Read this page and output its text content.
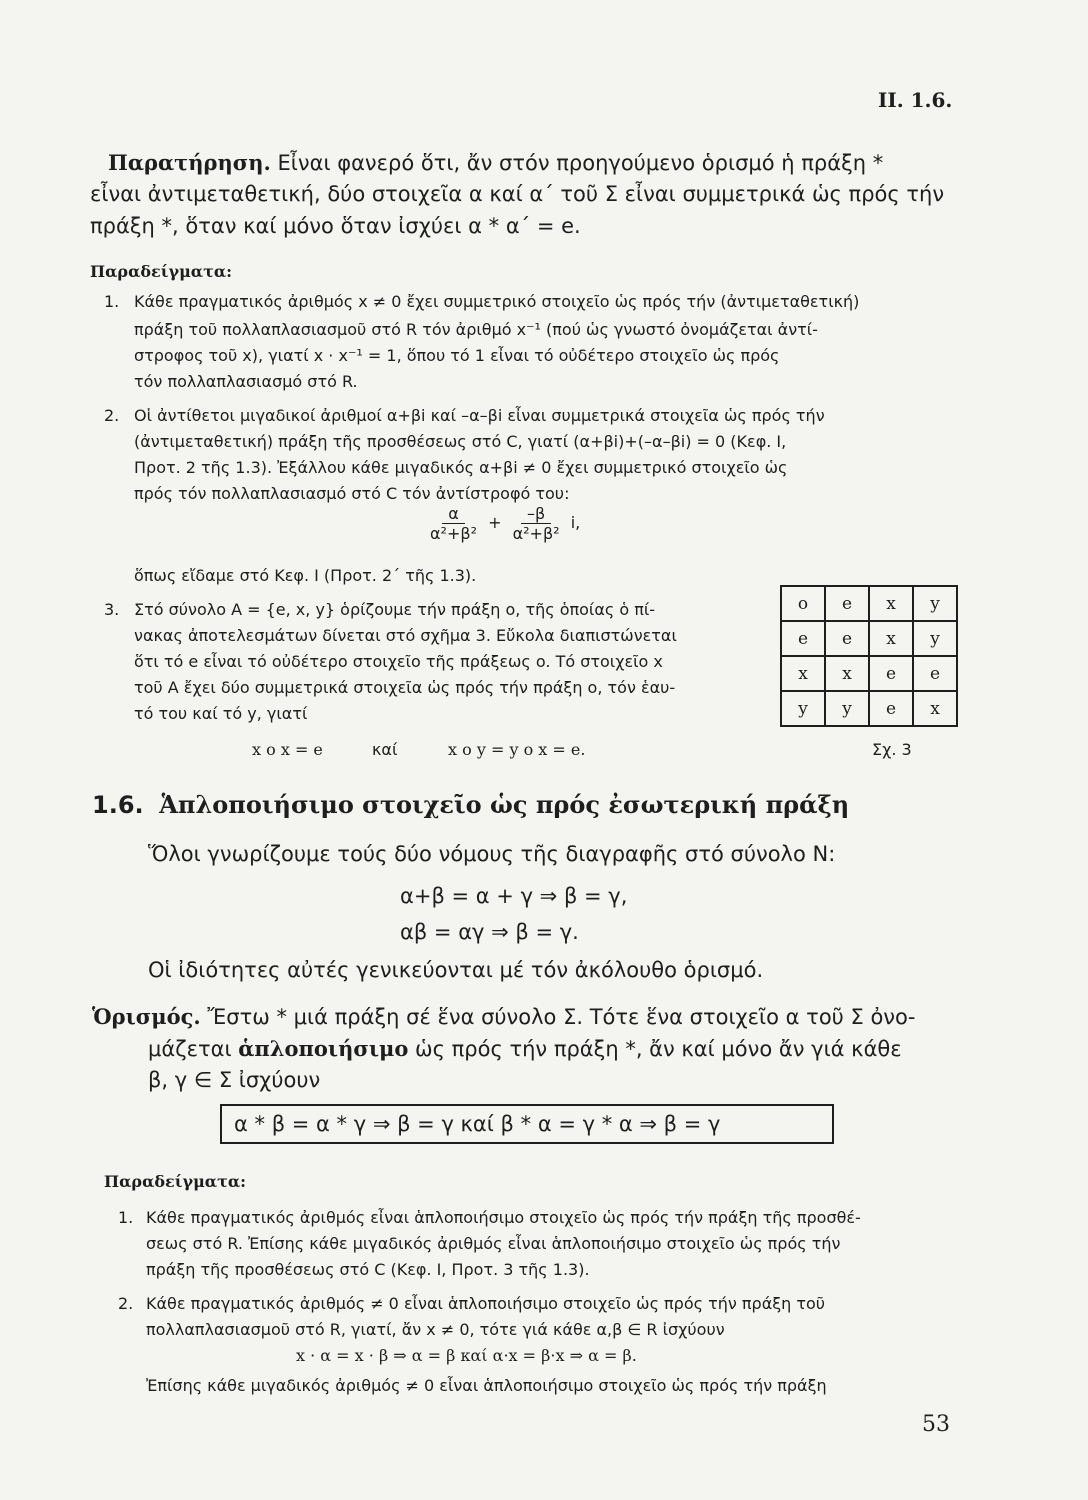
II. 1.6.
Παρατήρηση. Εἶναι φανερό ὅτι, ἄν στόν προηγούμενο ὁρισμό ἡ πράξη *
εἶναι ἀντιμεταθετική, δύο στοιχεῖα α καί α΄ τοῦ Σ εἶναι συμμετρικά ὡς πρός τήν
πράξη *, ὅταν καί μόνο ὅταν ἰσχύει α * α΄ = e.
Παραδείγματα:
1. Κάθε πραγματικός ἀριθμός x ≠ 0 ἔχει συμμετρικό στοιχεῖο ὡς πρός τήν (ἀντιμεταθετική)
πράξη τοῦ πολλαπλασιασμοῦ στό R τόν ἀριθμό x⁻¹ (πού ὡς γνωστό ὀνομάζεται ἀντί-
στροφος τοῦ x), γιατί x · x⁻¹ = 1, ὅπου τό 1 εἶναι τό οὐδέτερο στοιχεῖο ὡς πρός
τόν πολλαπλασιασμό στό R.
2. Οἱ ἀντίθετοι μιγαδικοί ἀριθμοί α+βi καί –α–βi εἶναι συμμετρικά στοιχεῖα ὡς πρός τήν
(ἀντιμεταθετική) πράξη τῆς προσθέσεως στό C, γιατί (α+βi)+(–α–βi) = 0 (Κεφ. I,
Προτ. 2 τῆς 1.3). Ἐξάλλου κάθε μιγαδικός α+βi ≠ 0 ἔχει συμμετρικό στοιχεῖο ὡς
πρός τόν πολλαπλασιασμό στό C τόν ἀντίστροφό του:
$\frac{\alpha}{\text{α²+β²}} + \frac{-\beta}{\text{α²+β²}} i$,
ὅπως εἴδαμε στό Κεφ. I (Προτ. 2΄ τῆς 1.3).
3. Στό σύνολο A = {e, x, y} ὁρίζουμε τήν πράξη o, τῆς ὁποίας ὁ πί-
νακας ἀποτελεσμάτων δίνεται στό σχῆμα 3. Εὔκολα διαπιστώνεται
ὅτι τό e εἶναι τό οὐδέτερο στοιχεῖο τῆς πράξεως o. Τό στοιχεῖο x
τοῦ A ἔχει δύο συμμετρικά στοιχεῖα ὡς πρός τήν πράξη o, τόν ἑαυ-
τό του καί τό y, γιατί
x o x = e	καί	x o y = y o x = e.
o	e	x	y
e	e	x	y
x	x	e	e
y	y	e	x
Σχ. 3
1.6. Ἁπλοποιήσιμο στοιχεῖο ὡς πρός ἐσωτερική πράξη
Ὅλοι γνωρίζουμε τούς δύο νόμους τῆς διαγραφῆς στό σύνολο N:
α+β = α + γ ⇒ β = γ,
αβ = αγ ⇒ β = γ.
Οἱ ἰδιότητες αὐτές γενικεύονται μέ τόν ἀκόλουθο ὁρισμό.
Ὁρισμός. Ἔστω * μιά πράξη σέ ἕνα σύνολο Σ. Τότε ἕνα στοιχεῖο α τοῦ Σ ὀνο-
μάζεται ἁπλοποιήσιμο ὡς πρός τήν πράξη *, ἄν καί μόνο ἄν γιά κάθε
β, γ ∈ Σ ἰσχύουν
α * β = α * γ ⇒ β = γ καί β * α = γ * α ⇒ β = γ
Παραδείγματα:
1. Κάθε πραγματικός ἀριθμός εἶναι ἁπλοποιήσιμο στοιχεῖο ὡς πρός τήν πράξη τῆς προσθέ-
σεως στό R. Ἐπίσης κάθε μιγαδικός ἀριθμός εἶναι ἁπλοποιήσιμο στοιχεῖο ὡς πρός τήν
πράξη τῆς προσθέσεως στό C (Κεφ. I, Προτ. 3 τῆς 1.3).
2. Κάθε πραγματικός ἀριθμός ≠ 0 εἶναι ἁπλοποιήσιμο στοιχεῖο ὡς πρός τήν πράξη τοῦ
πολλαπλασιασμοῦ στό R, γιατί, ἄν x ≠ 0, τότε γιά κάθε α,β ∈ R ἰσχύουν
x · α = x · β ⇒ α = β καί α·x = β·x ⇒ α = β.
Ἐπίσης κάθε μιγαδικός ἀριθμός ≠ 0 εἶναι ἁπλοποιήσιμο στοιχεῖο ὡς πρός τήν πράξη
53
